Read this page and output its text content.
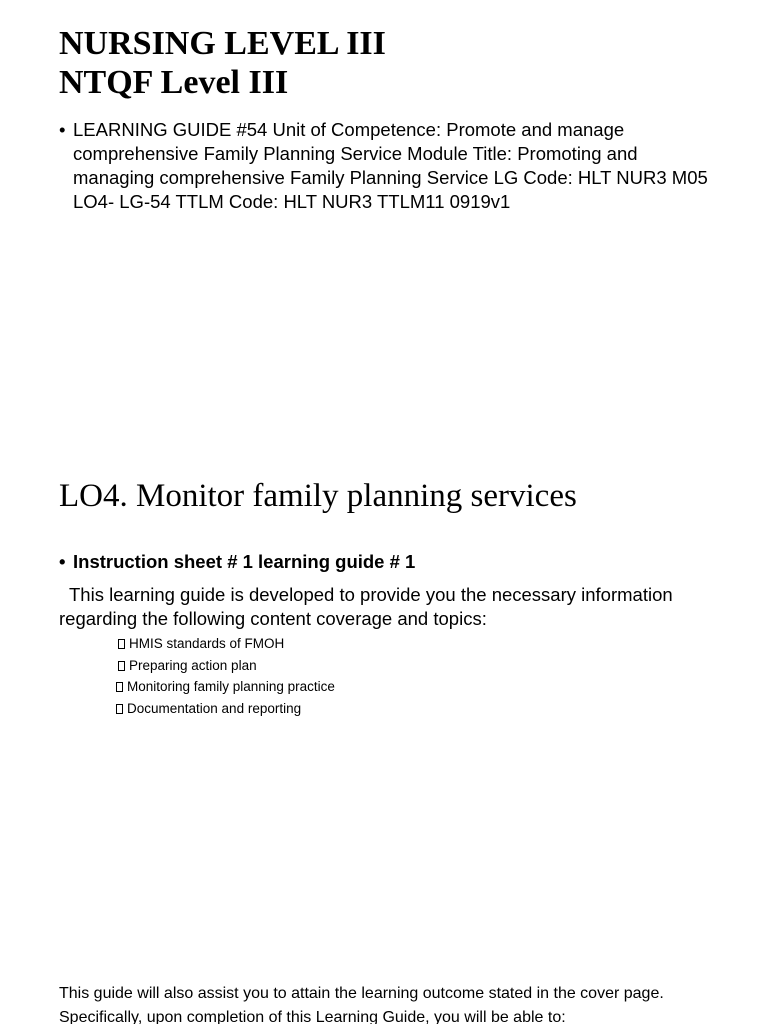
NURSING LEVEL III
NTQF Level III
• LEARNING GUIDE #54 Unit of Competence: Promote and manage comprehensive Family Planning Service Module Title: Promoting and managing comprehensive Family Planning Service LG Code: HLT NUR3 M05 LO4- LG-54 TTLM Code: HLT NUR3 TTLM11 0919v1
LO4. Monitor family planning services
• Instruction sheet # 1 learning guide # 1

This learning guide is developed to provide you the necessary information regarding the following content coverage and topics:

HMIS standards of FMOH
Preparing action plan
Monitoring family planning practice
Documentation and reporting

This guide will also assist you to attain the learning outcome stated in the cover page.
Specifically, upon completion of this Learning Guide, you will be able to:
